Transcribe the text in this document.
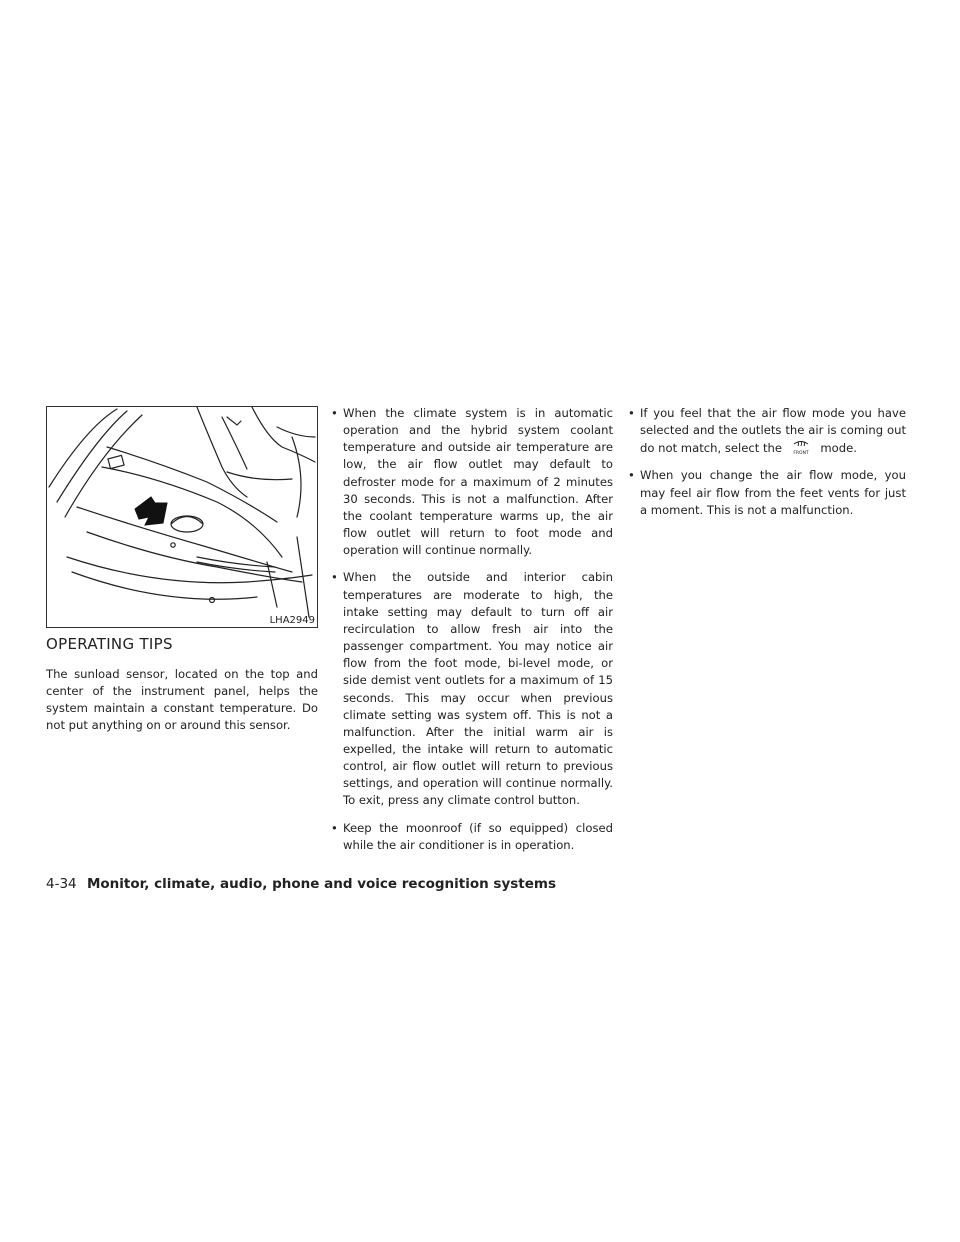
LHA2949
OPERATING TIPS

The sunload sensor, located on the top and center of the instrument panel, helps the system maintain a constant temperature. Do not put anything on or around this sensor.

• When the climate system is in automatic operation and the hybrid system coolant temperature and outside air temperature are low, the air flow outlet may default to defroster mode for a maximum of 2 minutes 30 seconds. This is not a malfunction. After the coolant temperature warms up, the air flow outlet will return to foot mode and operation will continue normally.
• When the outside and interior cabin temperatures are moderate to high, the intake setting may default to turn off air recirculation to allow fresh air into the passenger compartment. You may notice air flow from the foot mode, bi-level mode, or side demist vent outlets for a maximum of 15 seconds. This may occur when previous climate setting was system off. This is not a malfunction. After the initial warm air is expelled, the intake will return to automatic control, air flow outlet will return to previous settings, and operation will continue normally. To exit, press any climate control button.
• Keep the moonroof (if so equipped) closed while the air conditioner is in operation.
• If you feel that the air flow mode you have selected and the outlets the air is coming out do not match, select the FRONT mode.
• When you change the air flow mode, you may feel air flow from the feet vents for just a moment. This is not a malfunction.
4-34 Monitor, climate, audio, phone and voice recognition systems
